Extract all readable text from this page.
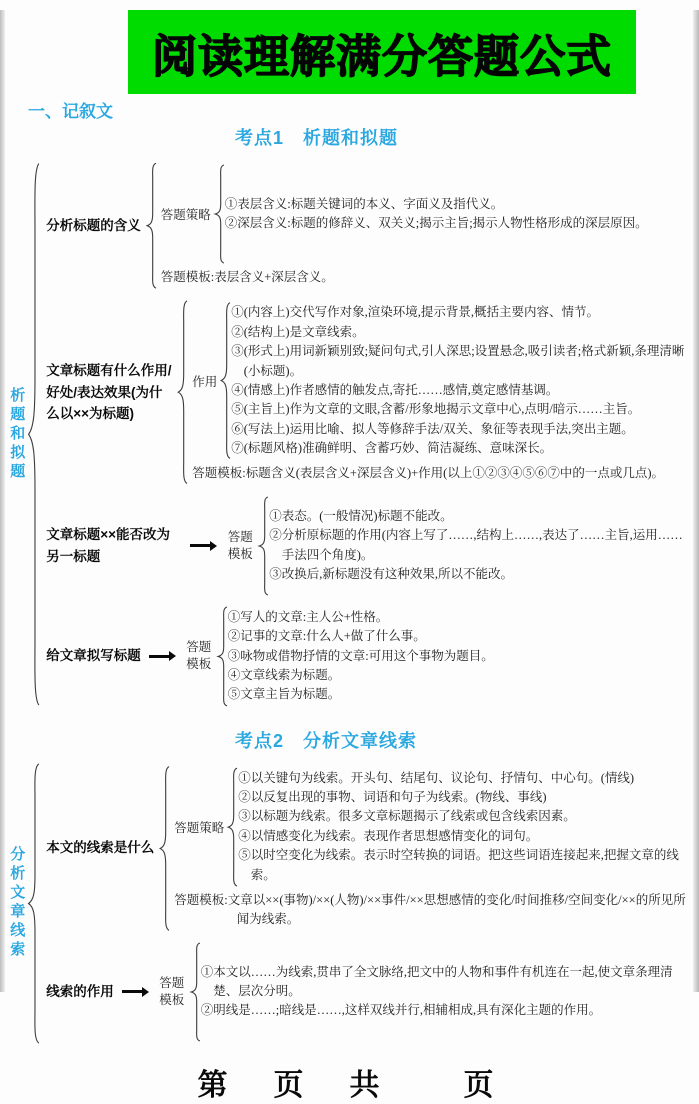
阅读理解满分答题公式
一、记叙文
考点1　析题和拟题
析题和拟题
分析标题的含义
答题策略
①表层含义:标题关键词的本义、字面义及指代义。
②深层含义:标题的修辞义、双关义;揭示主旨;揭示人物性格形成的深层原因。
答题模板:表层含义+深层含义。
文章标题有什么作用/好处/表达效果(为什么以××为标题)
作用
①(内容上)交代写作对象,渲染环境,提示背景,概括主要内容、情节。
②(结构上)是文章线索。
③(形式上)用词新颖别致;疑问句式,引人深思;设置悬念,吸引读者;格式新颖,条理清晰(小标题)。
④(情感上)作者感情的触发点,寄托……感情,奠定感情基调。
⑤(主旨上)作为文章的文眼,含蓄/形象地揭示文章中心,点明/暗示……主旨。
⑥(写法上)运用比喻、拟人等修辞手法/双关、象征等表现手法,突出主题。
⑦(标题风格)准确鲜明、含蓄巧妙、简洁凝练、意味深长。
答题模板:标题含义(表层含义+深层含义)+作用(以上①②③④⑤⑥⑦中的一点或几点)。
文章标题××能否改为另一标题
答题模板
①表态。(一般情况)标题不能改。
②分析原标题的作用(内容上写了……,结构上……,表达了……主旨,运用……手法四个角度)。
③改换后,新标题没有这种效果,所以不能改。
给文章拟写标题
答题模板
①写人的文章:主人公+性格。
②记事的文章:什么人+做了什么事。
③咏物或借物抒情的文章:可用这个事物为题目。
④文章线索为标题。
⑤文章主旨为标题。
考点2　分析文章线索
分析文章线索 本文的线索是什么
答题策略
①以关键句为线索。开头句、结尾句、议论句、抒情句、中心句。(情线)
②以反复出现的事物、词语和句子为线索。(物线、事线)
③以标题为线索。很多文章标题揭示了线索或包含线索因素。
④以情感变化为线索。表现作者思想感情变化的词句。
⑤以时空变化为线索。表示时空转换的词语。把这些词语连接起来,把握文章的线索。
答题模板:文章以××(事物)/××(人物)/××事件/××思想感情的变化/时间推移/空间变化/××的所见所闻为线索。
线索的作用
答题模板
①本文以……为线索,贯串了全文脉络,把文中的人物和事件有机连在一起,使文章条理清楚、层次分明。
②明线是……;暗线是……,这样双线并行,相辅相成,具有深化主题的作用。
第　页　共　　页
